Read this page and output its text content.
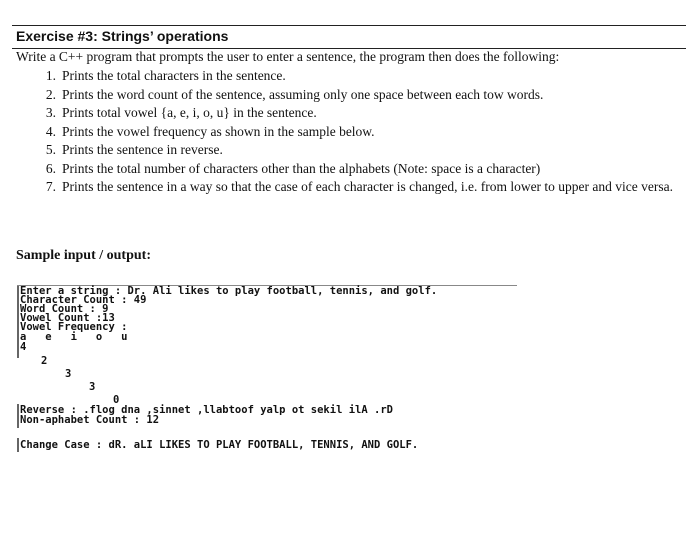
Exercise #3: Strings’ operations
Write a C++ program that prompts the user to enter a sentence, the program then does the following:
1. Prints the total characters in the sentence.
2. Prints the word count of the sentence, assuming only one space between each tow words.
3. Prints total vowel {a, e, i, o, u} in the sentence.
4. Prints the vowel frequency as shown in the sample below.
5. Prints the sentence in reverse.
6. Prints the total number of characters other than the alphabets (Note: space is a character)
7. Prints the sentence in a way so that the case of each character is changed, i.e. from lower to upper and vice versa.
Sample input / output:
Enter a string : Dr. Ali likes to play football, tennis, and golf.
Character Count : 49
Word Count : 9
Vowel Count :13
Vowel Frequency :
a   e   i   o   u
4
2
3
3
0
Reverse : .flog dna ,sinnet ,llabtoof yalp ot sekil ilA .rD
Non-aphabet Count : 12
Change Case : dR. aLI LIKES TO PLAY FOOTBALL, TENNIS, AND GOLF.
